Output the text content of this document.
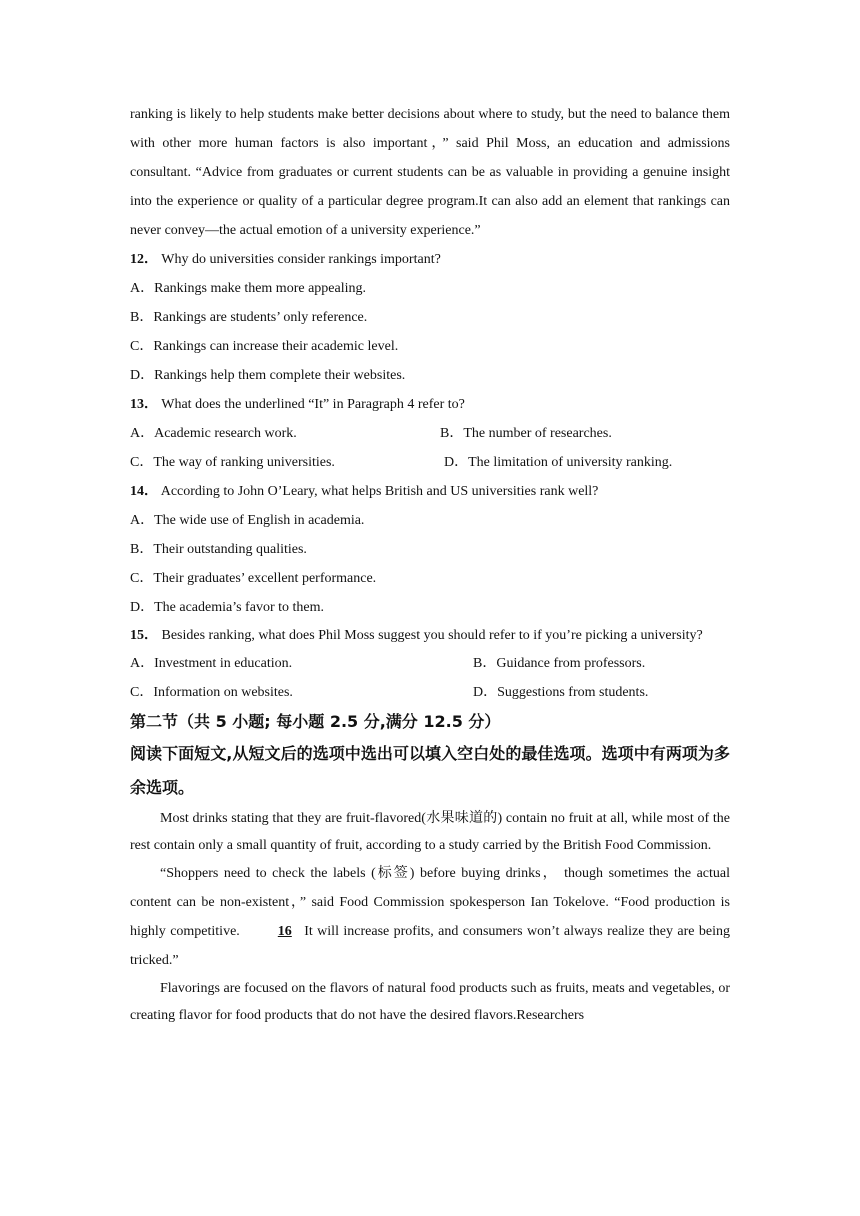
ranking is likely to help students make better decisions about where to study, but the need to balance them with other more human factors is also important，” said Phil Moss, an education and admissions consultant. “Advice from graduates or current students can be as valuable in providing a genuine insight into the experience or quality of a particular degree program.It can also add an element that rankings can never convey—the actual emotion of a university experience.”

12． Why do universities consider rankings important?

A．Rankings make them more appealing.

B．Rankings are students’ only reference.

C．Rankings can increase their academic level.

D．Rankings help them complete their websites.

13． What does the underlined “It” in Paragraph 4 refer to?

A．Academic research work.	B．The number of researches.
C．The way of ranking universities.	D．The limitation of university ranking.

14． According to John O’Leary, what helps British and US universities rank well?

A．The wide use of English in academia.

B．Their outstanding qualities.

C．Their graduates’ excellent performance.

D．The academia’s favor to them.

15． Besides ranking, what does Phil Moss suggest you should refer to if you’re picking a university?

A．Investment in education.	B．Guidance from professors.
C．Information on websites.	D．Suggestions from students.

第二节（共 5 小题; 每小题 2.5 分,满分 12.5 分）

阅读下面短文,从短文后的选项中选出可以填入空白处的最佳选项。选项中有两项为多余选项。

Most drinks stating that they are fruit‐flavored(水果味道的) contain no fruit at all, while most of the rest contain only a small quantity of fruit, according to a study carried by the British Food Commission.

“Shoppers need to check the labels (标签) before buying drinks， though sometimes the actual content can be non‐existent，” said Food Commission spokesperson Ian Tokelove. “Food production is highly competitive.	16 It will increase profits, and consumers won’t always realize they are being tricked.”

Flavorings are focused on the flavors of natural food products such as fruits, meats and vegetables, or creating flavor for food products that do not have the desired flavors.Researchers
